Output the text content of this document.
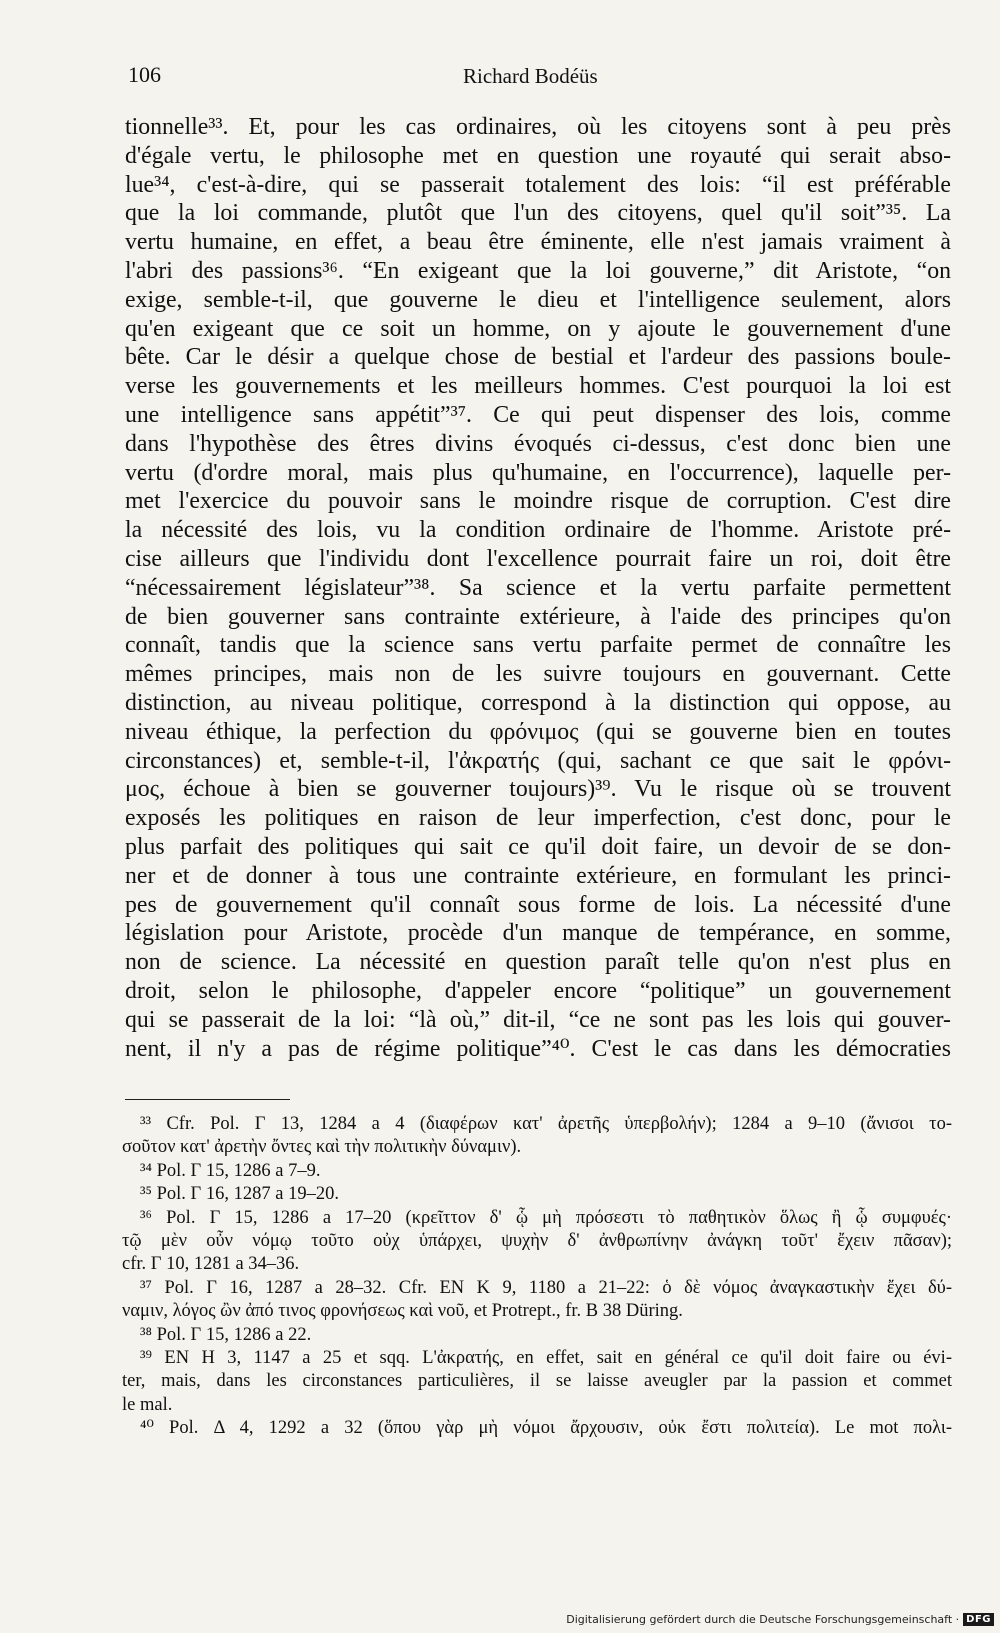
106	Richard Bodéüs
tionnelle³³. Et, pour les cas ordinaires, où les citoyens sont à peu près
d'égale vertu, le philosophe met en question une royauté qui serait abso-
lue³⁴, c'est-à-dire, qui se passerait totalement des lois: “il est préférable
que la loi commande, plutôt que l'un des citoyens, quel qu'il soit”³⁵. La
vertu humaine, en effet, a beau être éminente, elle n'est jamais vraiment à
l'abri des passions³⁶. “En exigeant que la loi gouverne,” dit Aristote, “on
exige, semble-t-il, que gouverne le dieu et l'intelligence seulement, alors
qu'en exigeant que ce soit un homme, on y ajoute le gouvernement d'une
bête. Car le désir a quelque chose de bestial et l'ardeur des passions boule-
verse les gouvernements et les meilleurs hommes. C'est pourquoi la loi est
une intelligence sans appétit”³⁷. Ce qui peut dispenser des lois, comme
dans l'hypothèse des êtres divins évoqués ci-dessus, c'est donc bien une
vertu (d'ordre moral, mais plus qu'humaine, en l'occurrence), laquelle per-
met l'exercice du pouvoir sans le moindre risque de corruption. C'est dire
la nécessité des lois, vu la condition ordinaire de l'homme. Aristote pré-
cise ailleurs que l'individu dont l'excellence pourrait faire un roi, doit être
“nécessairement législateur”³⁸. Sa science et la vertu parfaite permettent
de bien gouverner sans contrainte extérieure, à l'aide des principes qu'on
connaît, tandis que la science sans vertu parfaite permet de connaître les
mêmes principes, mais non de les suivre toujours en gouvernant. Cette
distinction, au niveau politique, correspond à la distinction qui oppose, au
niveau éthique, la perfection du φρόνιμος (qui se gouverne bien en toutes
circonstances) et, semble-t-il, l'ἀκρατής (qui, sachant ce que sait le φρόνι-
μος, échoue à bien se gouverner toujours)³⁹. Vu le risque où se trouvent
exposés les politiques en raison de leur imperfection, c'est donc, pour le
plus parfait des politiques qui sait ce qu'il doit faire, un devoir de se don-
ner et de donner à tous une contrainte extérieure, en formulant les princi-
pes de gouvernement qu'il connaît sous forme de lois. La nécessité d'une
législation pour Aristote, procède d'un manque de tempérance, en somme,
non de science. La nécessité en question paraît telle qu'on n'est plus en
droit, selon le philosophe, d'appeler encore “politique” un gouvernement
qui se passerait de la loi: “là où,” dit-il, “ce ne sont pas les lois qui gouver-
nent, il n'y a pas de régime politique”⁴⁰. C'est le cas dans les démocraties
³³ Cfr. Pol. Γ 13, 1284 a 4 (διαφέρων κατ' ἀρετῆς ὑπερβολήν); 1284 a 9–10 (ἄνισοι το-
σοῦτον κατ' ἀρετὴν ὄντες καὶ τὴν πολιτικὴν δύναμιν).
³⁴ Pol. Γ 15, 1286 a 7–9.
³⁵ Pol. Γ 16, 1287 a 19–20.
³⁶ Pol. Γ 15, 1286 a 17–20 (κρεῖττον δ' ᾧ μὴ πρόσεστι τὸ παθητικὸν ὅλως ἢ ᾧ συμφυές·
τῷ μὲν οὖν νόμῳ τοῦτο οὐχ ὑπάρχει, ψυχὴν δ' ἀνθρωπίνην ἀνάγκη τοῦτ' ἔχειν πᾶσαν);
cfr. Γ 10, 1281 a 34–36.
³⁷ Pol. Γ 16, 1287 a 28–32. Cfr. EN K 9, 1180 a 21–22: ὁ δὲ νόμος ἀναγκαστικὴν ἔχει δύ-
ναμιν, λόγος ὢν ἀπό τινος φρονήσεως καὶ νοῦ, et Protrept., fr. B 38 Düring.
³⁸ Pol. Γ 15, 1286 a 22.
³⁹ EN H 3, 1147 a 25 et sqq. L'ἀκρατής, en effet, sait en général ce qu'il doit faire ou évi-
ter, mais, dans les circonstances particulières, il se laisse aveugler par la passion et commet
le mal.
⁴⁰ Pol. Δ 4, 1292 a 32 (ὅπου γὰρ μὴ νόμοι ἄρχουσιν, οὐκ ἔστι πολιτεία). Le mot πολι-
Digitalisierung gefördert durch die Deutsche Forschungsgemeinschaft · DFG
